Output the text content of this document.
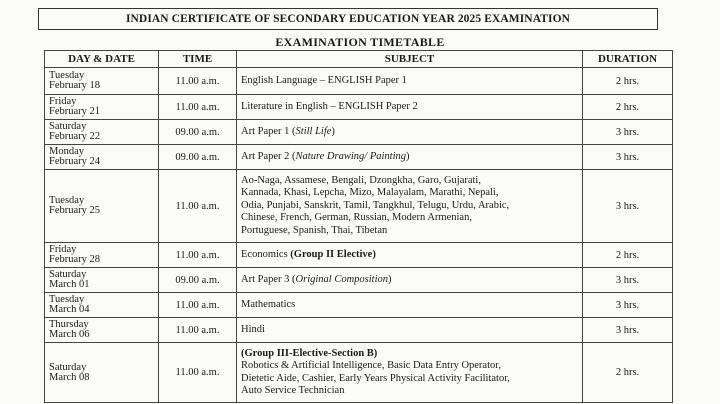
INDIAN CERTIFICATE OF SECONDARY EDUCATION YEAR 2025 EXAMINATION
EXAMINATION TIMETABLE
DAY & DATE	TIME	SUBJECT	DURATION

Tuesday
February 18	11.00 a.m.	English Language – ENGLISH Paper 1	2 hrs.

Friday
February 21	11.00 a.m.	Literature in English – ENGLISH Paper 2	2 hrs.

Saturday
February 22	09.00 a.m.	Art Paper 1 (Still Life)	3 hrs.

Monday
February 24	09.00 a.m.	Art Paper 2 (Nature Drawing/ Painting)	3 hrs.

Tuesday
February 25	11.00 a.m.	Ao-Naga, Assamese, Bengali, Dzongkha, Garo, Gujarati,
Kannada, Khasi, Lepcha, Mizo, Malayalam, Marathi, Nepali,
Odia, Punjabi, Sanskrit, Tamil, Tangkhul, Telugu, Urdu, Arabic,
Chinese, French, German, Russian, Modern Armenian,
Portuguese, Spanish, Thai, Tibetan	3 hrs.

Friday
February 28	11.00 a.m.	Economics (Group II Elective)	2 hrs.

Saturday
March 01	09.00 a.m.	Art Paper 3 (Original Composition)	3 hrs.

Tuesday
March 04	11.00 a.m.	Mathematics	3 hrs.

Thursday
March 06	11.00 a.m.	Hindi	3 hrs.

Saturday
March 08	11.00 a.m.	(Group III-Elective-Section B)
Robotics & Artificial Intelligence, Basic Data Entry Operator,
Dietetic Aide, Cashier, Early Years Physical Activity Facilitator,
Auto Service Technician	2 hrs.
